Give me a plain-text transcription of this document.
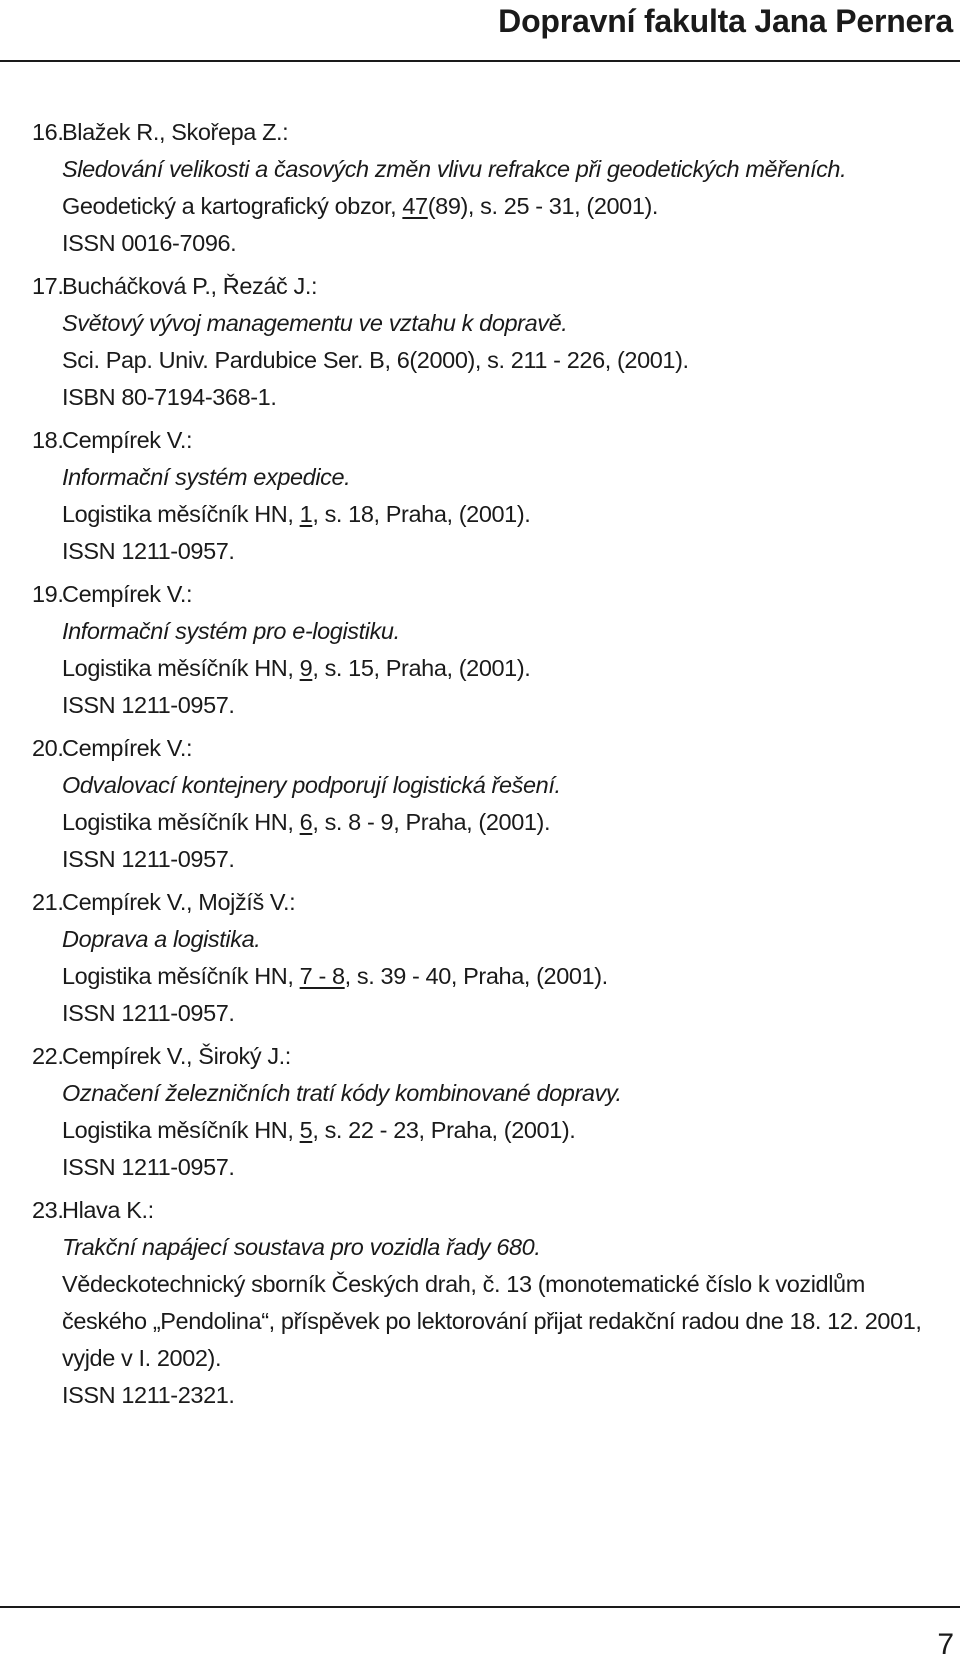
Dopravní fakulta Jana Pernera
16.
Blažek R., Skořepa Z.:
Sledování velikosti a časových změn vlivu refrakce při geodetických měřeních.
Geodetický a kartografický obzor, 47(89), s. 25 - 31, (2001).
ISSN 0016-7096.
17.
Bucháčková P., Řezáč J.:
Světový vývoj managementu ve vztahu k dopravě.
Sci. Pap. Univ. Pardubice Ser. B, 6(2000), s. 211 - 226, (2001).
ISBN 80-7194-368-1.
18.
Cempírek V.:
Informační systém expedice.
Logistika měsíčník HN, 1, s. 18, Praha, (2001).
ISSN 1211-0957.
19.
Cempírek V.:
Informační systém pro e-logistiku.
Logistika měsíčník HN, 9, s. 15, Praha, (2001).
ISSN 1211-0957.
20.
Cempírek V.:
Odvalovací kontejnery podporují logistická řešení.
Logistika měsíčník HN, 6, s. 8 - 9, Praha, (2001).
ISSN 1211-0957.
21.
Cempírek V., Mojžíš V.:
Doprava a logistika.
Logistika měsíčník HN, 7 - 8, s. 39 - 40, Praha, (2001).
ISSN 1211-0957.
22.
Cempírek V., Široký J.:
Označení železničních tratí kódy kombinované dopravy.
Logistika měsíčník HN, 5, s. 22 - 23, Praha, (2001).
ISSN 1211-0957.
23.
Hlava K.:
Trakční napájecí soustava pro vozidla řady 680.
Vědeckotechnický sborník Českých drah, č. 13 (monotematické číslo k vozidlům českého „Pendolina“, příspěvek po lektorování přijat redakční radou dne 18. 12. 2001, vyjde v I. 2002).
ISSN 1211-2321.
7
